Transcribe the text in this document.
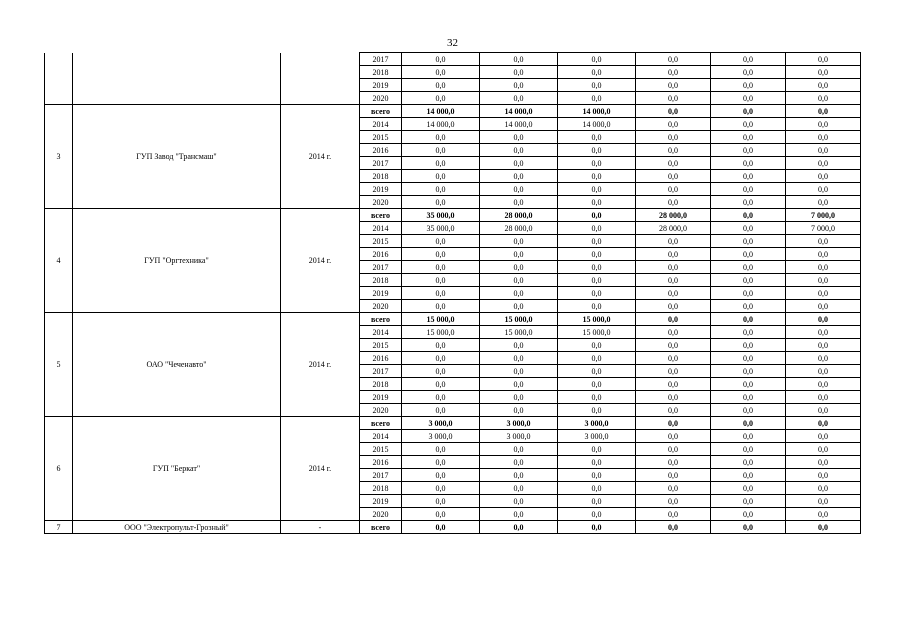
32
			2017	0,0	0,0	0,0	0,0	0,0	0,0
			2018	0,0	0,0	0,0	0,0	0,0	0,0
			2019	0,0	0,0	0,0	0,0	0,0	0,0
			2020	0,0	0,0	0,0	0,0	0,0	0,0
3	ГУП Завод "Трансмаш"	2014 г.	всего	14 000,0	14 000,0	14 000,0	0,0	0,0	0,0
			2014	14 000,0	14 000,0	14 000,0	0,0	0,0	0,0
			2015	0,0	0,0	0,0	0,0	0,0	0,0
			2016	0,0	0,0	0,0	0,0	0,0	0,0
			2017	0,0	0,0	0,0	0,0	0,0	0,0
			2018	0,0	0,0	0,0	0,0	0,0	0,0
			2019	0,0	0,0	0,0	0,0	0,0	0,0
			2020	0,0	0,0	0,0	0,0	0,0	0,0
4	ГУП "Оргтехника"	2014 г.	всего	35 000,0	28 000,0	0,0	28 000,0	0,0	7 000,0
			2014	35 000,0	28 000,0	0,0	28 000,0	0,0	7 000,0
			2015	0,0	0,0	0,0	0,0	0,0	0,0
			2016	0,0	0,0	0,0	0,0	0,0	0,0
			2017	0,0	0,0	0,0	0,0	0,0	0,0
			2018	0,0	0,0	0,0	0,0	0,0	0,0
			2019	0,0	0,0	0,0	0,0	0,0	0,0
			2020	0,0	0,0	0,0	0,0	0,0	0,0
5	ОАО "Чеченавто"	2014 г.	всего	15 000,0	15 000,0	15 000,0	0,0	0,0	0,0
			2014	15 000,0	15 000,0	15 000,0	0,0	0,0	0,0
			2015	0,0	0,0	0,0	0,0	0,0	0,0
			2016	0,0	0,0	0,0	0,0	0,0	0,0
			2017	0,0	0,0	0,0	0,0	0,0	0,0
			2018	0,0	0,0	0,0	0,0	0,0	0,0
			2019	0,0	0,0	0,0	0,0	0,0	0,0
			2020	0,0	0,0	0,0	0,0	0,0	0,0
6	ГУП "Беркат"	2014 г.	всего	3 000,0	3 000,0	3 000,0	0,0	0,0	0,0
			2014	3 000,0	3 000,0	3 000,0	0,0	0,0	0,0
			2015	0,0	0,0	0,0	0,0	0,0	0,0
			2016	0,0	0,0	0,0	0,0	0,0	0,0
			2017	0,0	0,0	0,0	0,0	0,0	0,0
			2018	0,0	0,0	0,0	0,0	0,0	0,0
			2019	0,0	0,0	0,0	0,0	0,0	0,0
			2020	0,0	0,0	0,0	0,0	0,0	0,0
7	ООО "Электропульт-Грозный"	-	всего	0,0	0,0	0,0	0,0	0,0	0,0
